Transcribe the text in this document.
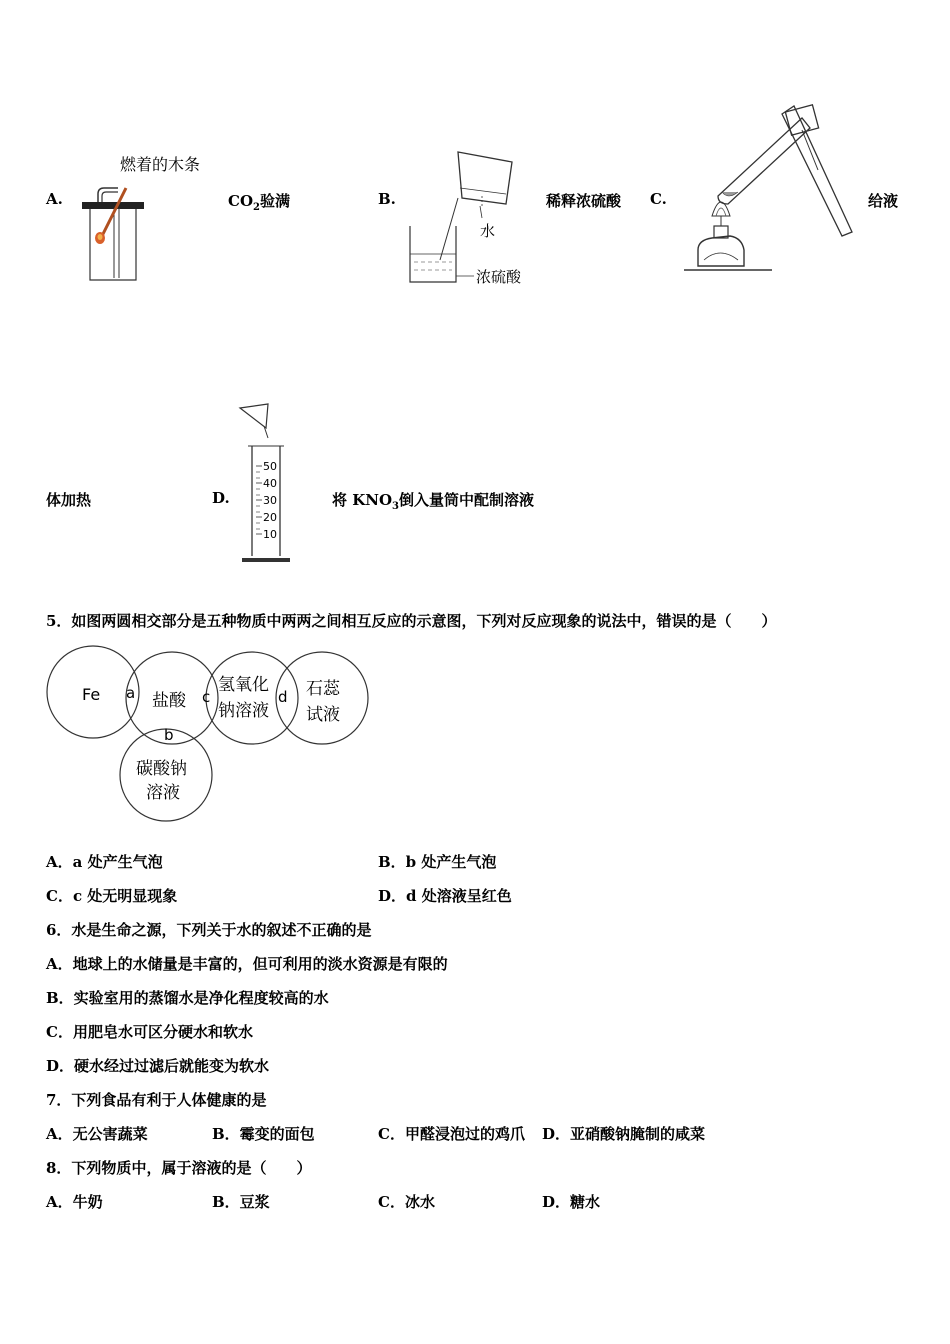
A.
燃着的木条
$CO_2$验满	B.
水
浓硫酸
稀释浓硫酸 C.	给液
体加热	D.
50
40
30
20
10
将 $KNO_3$倒入量筒中配制溶液
5．如图两圆相交部分是五种物质中两两之间相互反应的示意图，下列对反应现象的说法中，错误的是（　　）
Fe a 盐酸 c
氢氧化
钠溶液
d 石蕊
试液
b
碳酸钠
溶液
A．a 处产生气泡	B．b 处产生气泡
C．c 处无明显现象	D．d 处溶液呈红色
6．水是生命之源，下列关于水的叙述不正确的是
A．地球上的水储量是丰富的，但可利用的淡水资源是有限的
B．实验室用的蒸馏水是净化程度较高的水
C．用肥皂水可区分硬水和软水
D．硬水经过过滤后就能变为软水
7．下列食品有利于人体健康的是
A．无公害蔬菜	B．霉变的面包	C．甲醛浸泡过的鸡爪 D．亚硝酸钠腌制的咸菜
8．下列物质中，属于溶液的是（　　）
A．牛奶	B．豆浆	C．冰水	D．糖水
